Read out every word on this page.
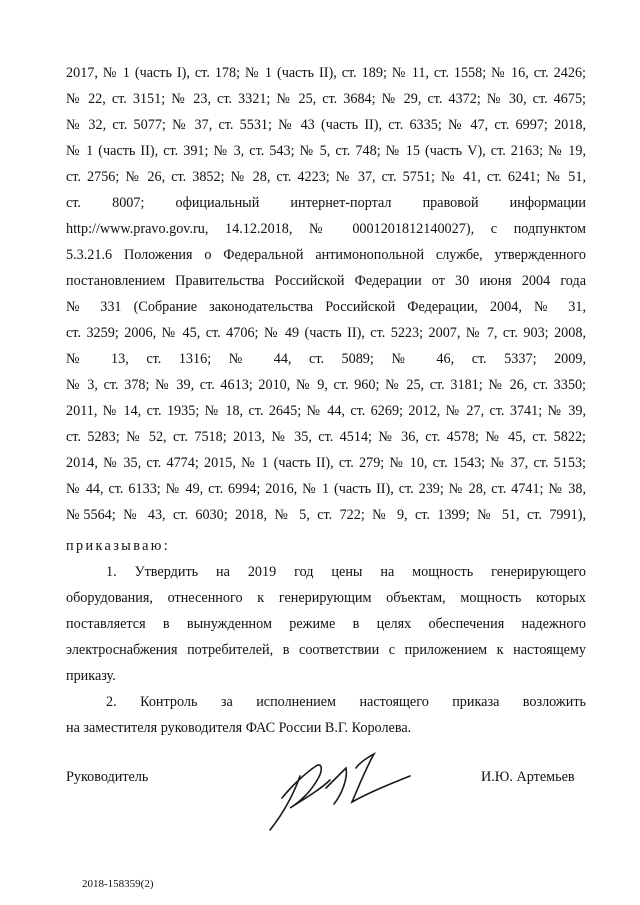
2017, № 1 (часть I), ст. 178; № 1 (часть II), ст. 189; № 11, ст. 1558; № 16, ст. 2426;
№ 22, ст. 3151; № 23, ст. 3321; № 25, ст. 3684; № 29, ст. 4372; № 30, ст. 4675;
№ 32, ст. 5077; № 37, ст. 5531; № 43 (часть II), ст. 6335; № 47, ст. 6997; 2018,
№ 1 (часть II), ст. 391; № 3, ст. 543; № 5, ст. 748; № 15 (часть V), ст. 2163; № 19,
ст. 2756; № 26, ст. 3852; № 28, ст. 4223; № 37, ст. 5751; № 41, ст. 6241; № 51,
ст. 8007; официальный интернет-портал правовой информации
http://www.pravo.gov.ru, 14.12.2018, № 0001201812140027), с подпунктом
5.3.21.6 Положения о Федеральной антимонопольной службе, утвержденного
постановлением Правительства Российской Федерации от 30 июня 2004 года
№ 331 (Собрание законодательства Российской Федерации, 2004, № 31,
ст. 3259; 2006, № 45, ст. 4706; № 49 (часть II), ст. 5223; 2007, № 7, ст. 903; 2008,
№ 13, ст. 1316; № 44, ст. 5089; № 46, ст. 5337; 2009,
№ 3, ст. 378; № 39, ст. 4613; 2010, № 9, ст. 960; № 25, ст. 3181; № 26, ст. 3350;
2011, № 14, ст. 1935; № 18, ст. 2645; № 44, ст. 6269; 2012, № 27, ст. 3741; № 39,
ст. 5283; № 52, ст. 7518; 2013, № 35, ст. 4514; № 36, ст. 4578; № 45, ст. 5822;
2014, № 35, ст. 4774; 2015, № 1 (часть II), ст. 279; № 10, ст. 1543; № 37, ст. 5153;
№ 44, ст. 6133; № 49, ст. 6994; 2016, № 1 (часть II), ст. 239; № 28, ст. 4741; № 38,
№5564; № 43, ст. 6030; 2018, № 5, ст. 722; № 9, ст. 1399; № 51, ст. 7991),
приказываю:
1. Утвердить на 2019 год цены на мощность генерирующего
оборудования, отнесенного к генерирующим объектам, мощность которых
поставляется в вынужденном режиме в целях обеспечения надежного
электроснабжения потребителей, в соответствии с приложением к настоящему
приказу.
2. Контроль за исполнением настоящего приказа возложить
на заместителя руководителя ФАС России В.Г. Королева.
Руководитель	И.Ю. Артемьев
2018-158359(2)
